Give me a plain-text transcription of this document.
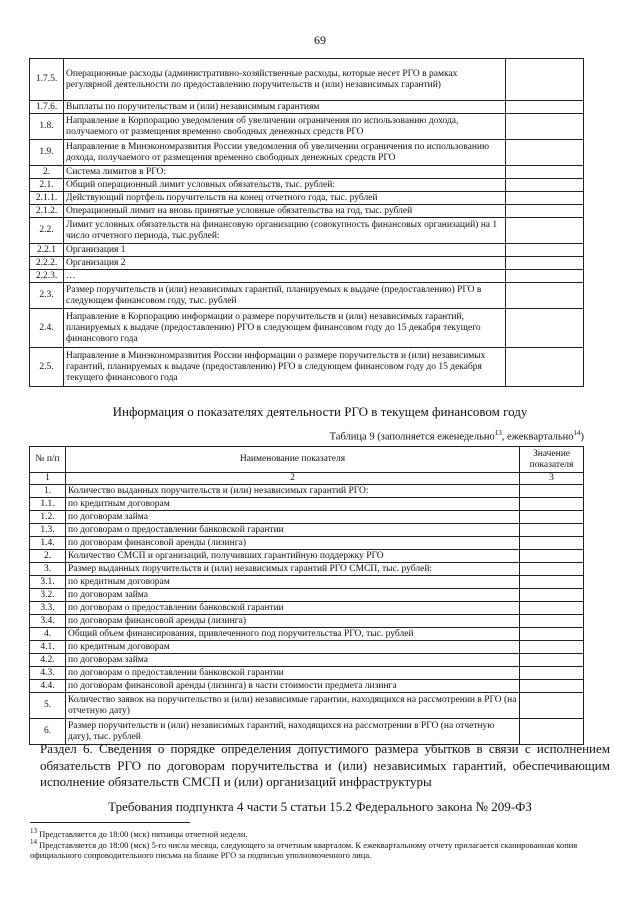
69
1.7.5.	Операционные расходы (административно-хозяйственные расходы, которые несет РГО в рамках регулярной деятельности по предоставлению поручительств и (или) независимых гарантий)	
1.7.6.	Выплаты по поручительствам и (или) независимым гарантиям	
1.8.	Направление в Корпорацию уведомления об увеличении ограничения по использованию дохода, получаемого от размещения временно свободных денежных средств РГО	
1.9.	Направление в Минэкономразвития России уведомления об увеличении ограничения по использованию дохода, получаемого от размещения временно свободных денежных средств РГО	
2.	Система лимитов в РГО:	
2.1.	Общий операционный лимит условных обязательств, тыс. рублей:	
2.1.1.	Действующий портфель поручительств на конец отчетного года, тыс. рублей	
2.1.2.	Операционный лимит на вновь принятые условные обязательства на год, тыс. рублей	
2.2.	Лимит условных обязательств на финансовую организацию (совокупность финансовых организаций) на 1 число отчетного периода, тыс.рублей:	
2.2.1	Организация 1	
2.2.2.	Организация 2	
2.2.3.	…	
2.3.	Размер поручительств и (или) независимых гарантий, планируемых к выдаче (предоставлению) РГО в следующем финансовом году, тыс. рублей	
2.4.	Направление в Корпорацию информации о размере поручительств и (или) независимых гарантий, планируемых к выдаче (предоставлению) РГО в следующем финансовом году до 15 декабря текущего финансового года	
2.5.	Направление в Минэкономразвития России информации о размере поручительств и (или) независимых гарантий, планируемых к выдаче (предоставлению) РГО в следующем финансовом году до 15 декабря текущего финансового года	
Информация о показателях деятельности РГО в текущем финансовом году
Таблица 9 (заполняется еженедельно$^{13}$, ежеквартально$^{14}$)
№ п/п	Наименование показателя	Значение показателя
1	2	3
1.	Количество выданных поручительств и (или) независимых гарантий РГО:	
1.1.	по кредитным договорам	
1.2.	по договорам займа	
1.3.	по договорам о предоставлении банковской гарантии	
1.4.	по договорам финансовой аренды (лизинга)	
2.	Количество СМСП и организаций, получивших гарантийную поддержку РГО	
3.	Размер выданных поручительств и (или) независимых гарантий РГО СМСП, тыс. рублей:	
3.1.	по кредитным договорам	
3.2.	по договорам займа	
3.3.	по договорам о предоставлении банковской гарантии	
3.4.	по договорам финансовой аренды (лизинга)	
4.	Общий объем финансирования, привлеченного под поручительства РГО, тыс. рублей	
4.1.	по кредитным договорам	
4.2.	по договорам займа	
4.3.	по договорам о предоставлении банковской гарантии	
4.4.	по договорам финансовой аренды (лизинга) в части стоимости предмета лизинга	
5.	Количество заявок на поручительство и (или) независимые гарантии, находящихся на рассмотрении в РГО (на отчетную дату)	
6.	Размер поручительств и (или) независимых гарантий, находящихся на рассмотрении в РГО (на отчетную дату), тыс. рублей	
Раздел 6. Сведения о порядке определения допустимого размера убытков в связи с исполнением обязательств РГО по договорам поручительства и (или) независимых гарантий, обеспечивающим исполнение обязательств СМСП и (или) организаций инфраструктуры
Требования подпункта 4 части 5 статьи 15.2 Федерального закона № 209-ФЗ
$^{13}$ Представляется до 18:00 (мск) пятницы отчетной недели.
$^{14}$ Представляется до 18:00 (мск) 5-го числа месяца, следующего за отчетным кварталом. К ежеквартальному отчету прилагается сканированная копия официального сопроводительного письма на бланке РГО за подписью уполномоченного лица.
